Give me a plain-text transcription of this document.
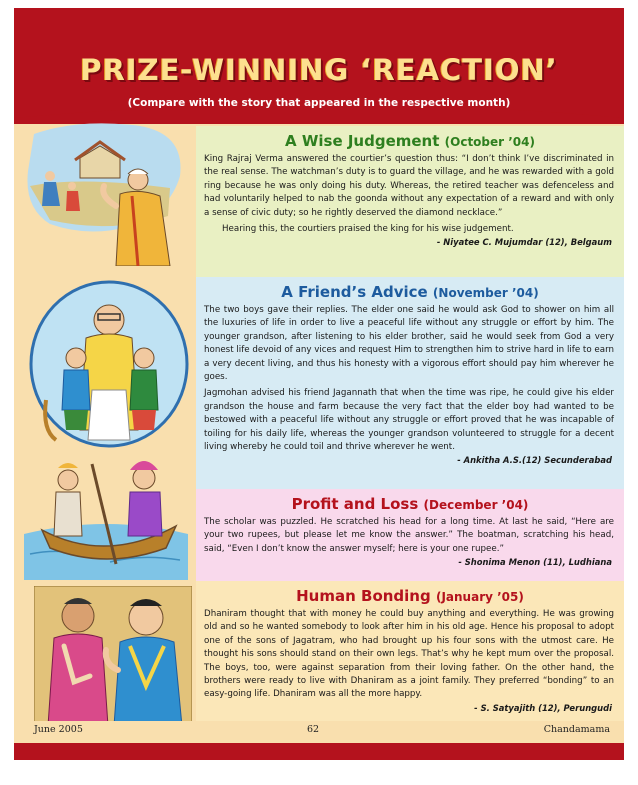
PRIZE-WINNING ‘REACTION’
(Compare with the story that appeared in the respective month)
A Wise Judgement (October ’04)

King Rajraj Verma answered the courtier’s question thus: “I don’t think I’ve discriminated in the real sense. The watchman’s duty is to guard the village, and he was rewarded with a gold ring because he was only doing his duty. Whereas, the retired teacher was defenceless and had voluntarily helped to nab the goonda without any expectation of a reward and with only a sense of civic duty; so he rightly deserved the diamond necklace.”

Hearing this, the courtiers praised the king for his wise judgement.

- Niyatee C. Mujumdar (12), Belgaum
A Friend’s Advice (November ’04)

The two boys gave their replies. The elder one said he would ask God to shower on him all the luxuries of life in order to live a peaceful life without any struggle or effort by him. The younger grandson, after listening to his elder brother, said he would seek from God a very honest life devoid of any vices and request Him to strengthen him to strive hard in life to earn a very decent living, and thus his honesty with a vigorous effort should pay him wherever he goes.

Jagmohan advised his friend Jagannath that when the time was ripe, he could give his elder grandson the house and farm because the very fact that the elder boy had wanted to be bestowed with a peaceful life without any struggle or effort proved that he was incapable of toiling for his daily life, whereas the younger grandson volunteered to struggle for a decent living whereby he could toil and thrive wherever he went.

- Ankitha A.S.(12) Secunderabad
Profit and Loss (December ’04)

The scholar was puzzled. He scratched his head for a long time. At last he said, “Here are your two rupees, but please let me know the answer.” The boatman, scratching his head, said, “Even I don’t know the answer myself; here is your one rupee.”

- Shonima Menon (11), Ludhiana
Human Bonding (January ’05)

Dhaniram thought that with money he could buy anything and everything. He was growing old and so he wanted somebody to look after him in his old age. Hence his proposal to adopt one of the sons of Jagatram, who had brought up his four sons with the utmost care. He thought his sons should stand on their own legs. That’s why he kept mum over the proposal. The boys, too, were against separation from their loving father. On the other hand, the brothers were ready to live with Dhaniram as a joint family. They preferred “bonding” to an easy-going life. Dhaniram was all the more happy.

- S. Satyajith (12), Perungudi
June 2005	62	Chandamama
